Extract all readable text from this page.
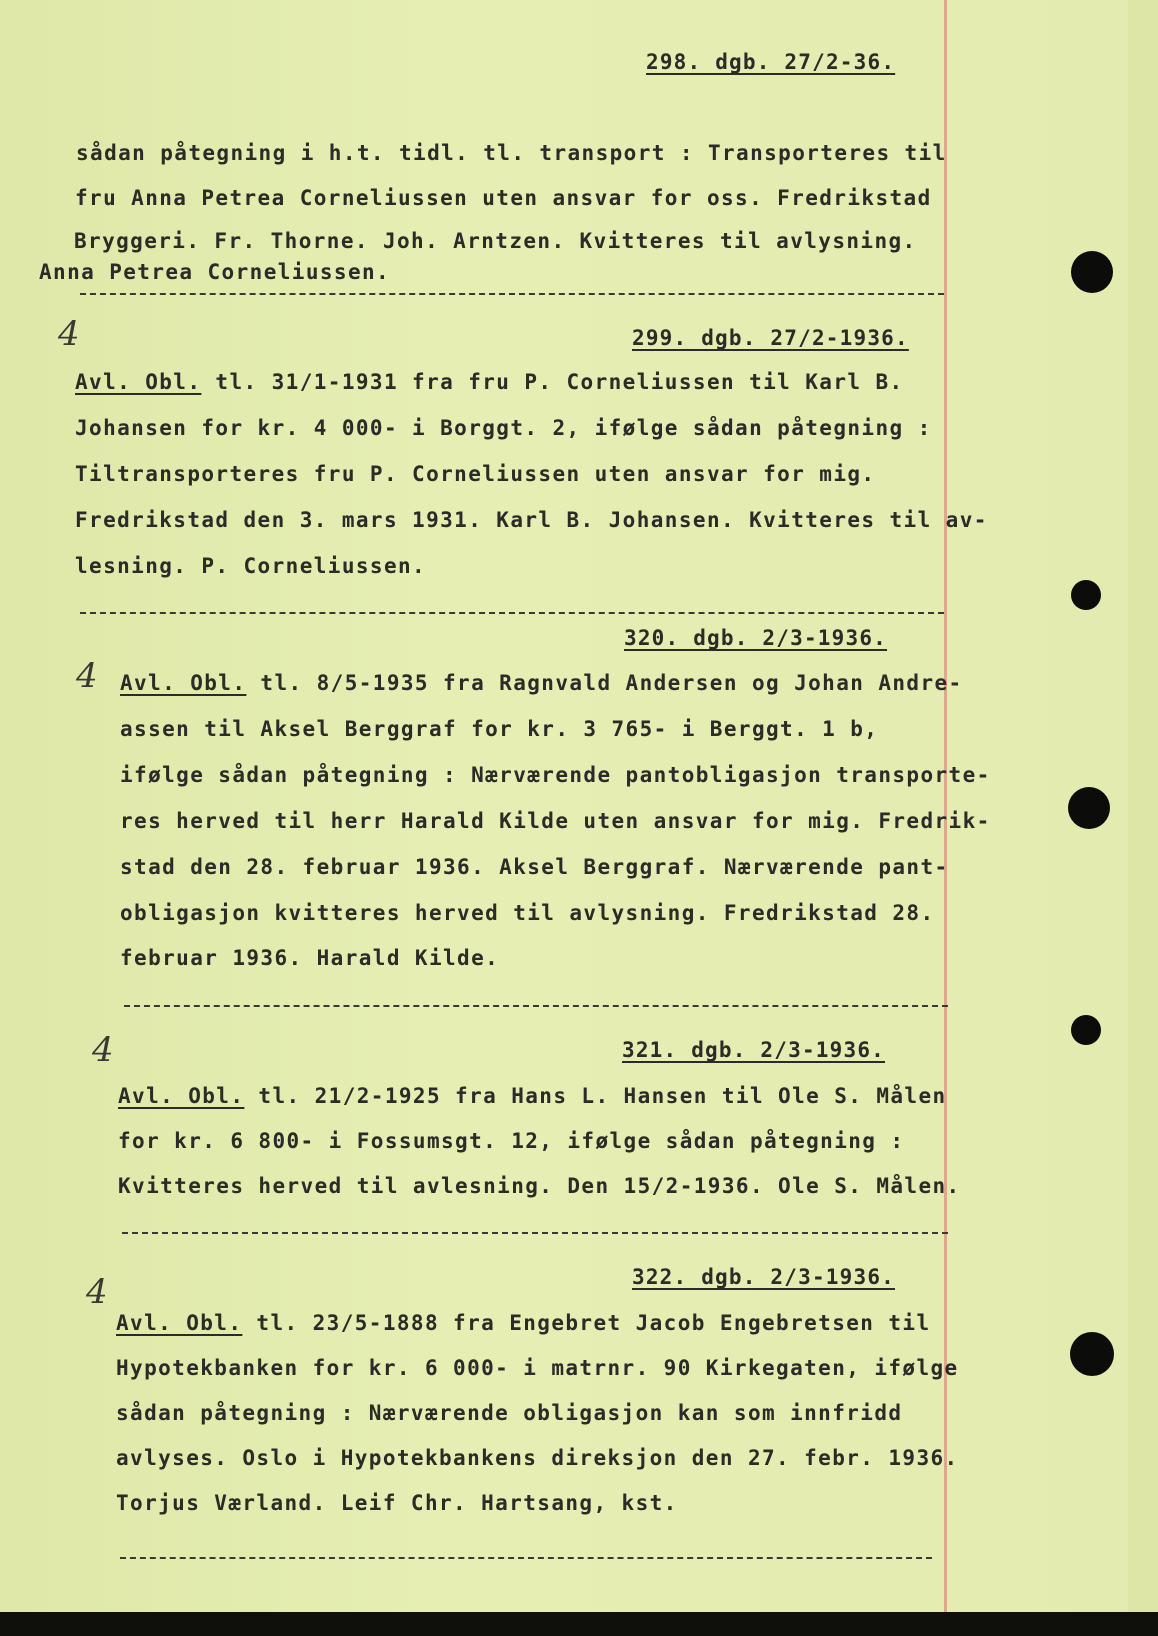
298. dgb. 27/2-36.
sådan påtegning i h.t. tidl. tl. transport : Transporteres til
fru Anna Petrea Corneliussen uten ansvar for oss. Fredrikstad
Bryggeri. Fr. Thorne. Joh. Arntzen. Kvitteres til avlysning.
Anna Petrea Corneliussen.
4	299. dgb. 27/2-1936.
Avl. Obl. tl. 31/1-1931 fra fru P. Corneliussen til Karl B.
Johansen for kr. 4 000- i Borggt. 2, ifølge sådan påtegning :
Tiltransporteres fru P. Corneliussen uten ansvar for mig.
Fredrikstad den 3. mars 1931. Karl B. Johansen. Kvitteres til av-
lesning. P. Corneliussen.
320. dgb. 2/3-1936.
4 Avl. Obl. tl. 8/5-1935 fra Ragnvald Andersen og Johan Andre-
assen til Aksel Berggraf for kr. 3 765- i Berggt. 1 b,
ifølge sådan påtegning : Nærværende pantobligasjon transporte-
res herved til herr Harald Kilde uten ansvar for mig. Fredrik-
stad den 28. februar 1936. Aksel Berggraf. Nærværende pant-
obligasjon kvitteres herved til avlysning. Fredrikstad 28.
februar 1936. Harald Kilde.
4	321. dgb. 2/3-1936.
Avl. Obl. tl. 21/2-1925 fra Hans L. Hansen til Ole S. Målen
for kr. 6 800- i Fossumsgt. 12, ifølge sådan påtegning :
Kvitteres herved til avlesning. Den 15/2-1936. Ole S. Målen.
322. dgb. 2/3-1936.
4
Avl. Obl. tl. 23/5-1888 fra Engebret Jacob Engebretsen til
Hypotekbanken for kr. 6 000- i matrnr. 90 Kirkegaten, ifølge
sådan påtegning : Nærværende obligasjon kan som innfridd
avlyses. Oslo i Hypotekbankens direksjon den 27. febr. 1936.
Torjus Værland. Leif Chr. Hartsang, kst.
